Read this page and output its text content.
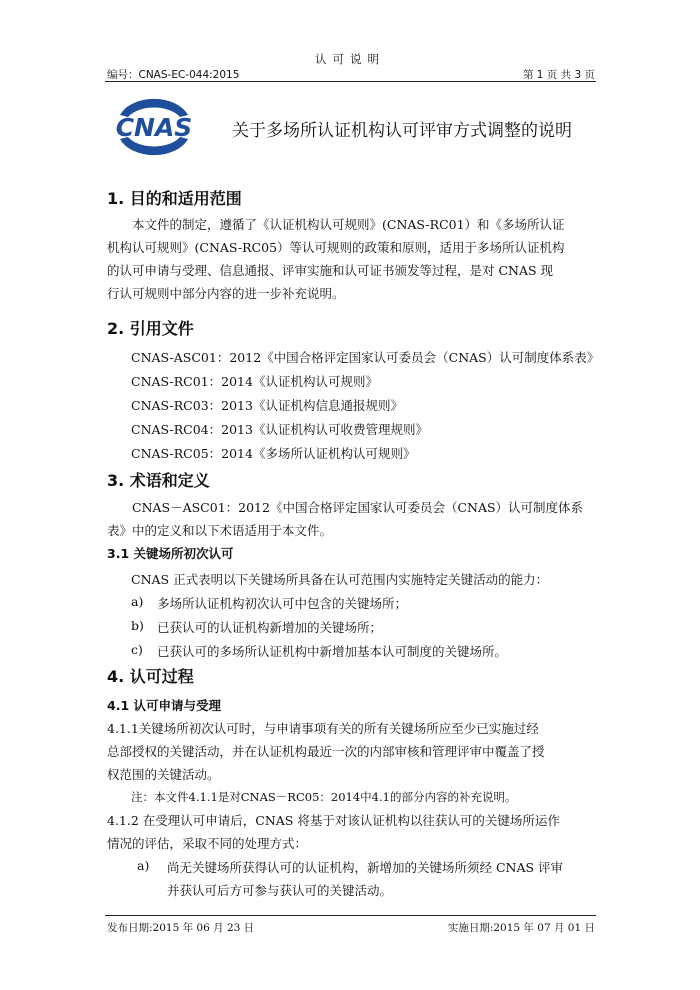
认可说明
编号：CNAS-EC-044:2015	第 1 页 共 3 页
CNAS 关于多场所认证机构认可评审方式调整的说明
1. 目的和适用范围
本文件的制定，遵循了《认证机构认可规则》(CNAS-RC01）和《多场所认证
机构认可规则》(CNAS-RC05）等认可规则的政策和原则，适用于多场所认证机构
的认可申请与受理、信息通报、评审实施和认可证书颁发等过程，是对 CNAS 现
行认可规则中部分内容的进一步补充说明。
2. 引用文件
CNAS-ASC01：2012《中国合格评定国家认可委员会（CNAS）认可制度体系表》
CNAS-RC01：2014《认证机构认可规则》
CNAS-RC03：2013《认证机构信息通报规则》
CNAS-RC04：2013《认证机构认可收费管理规则》
CNAS-RC05：2014《多场所认证机构认可规则》
3. 术语和定义
CNAS－ASC01：2012《中国合格评定国家认可委员会（CNAS）认可制度体系
表》中的定义和以下术语适用于本文件。
3.1 关键场所初次认可
CNAS 正式表明以下关键场所具备在认可范围内实施特定关键活动的能力：
a) 多场所认证机构初次认可中包含的关键场所；
b) 已获认可的认证机构新增加的关键场所；
c) 已获认可的多场所认证机构中新增加基本认可制度的关键场所。
4. 认可过程
4.1 认可申请与受理
4.1.1关键场所初次认可时，与申请事项有关的所有关键场所应至少已实施过经
总部授权的关键活动，并在认证机构最近一次的内部审核和管理评审中覆盖了授
权范围的关键活动。
注：本文件4.1.1是对CNAS－RC05：2014中4.1的部分内容的补充说明。
4.1.2 在受理认可申请后，CNAS 将基于对该认证机构以往获认可的关键场所运作
情况的评估，采取不同的处理方式：
a) 尚无关键场所获得认可的认证机构，新增加的关键场所须经 CNAS 评审
并获认可后方可参与获认可的关键活动。
发布日期:2015 年 06 月 23 日	实施日期:2015 年 07 月 01 日
